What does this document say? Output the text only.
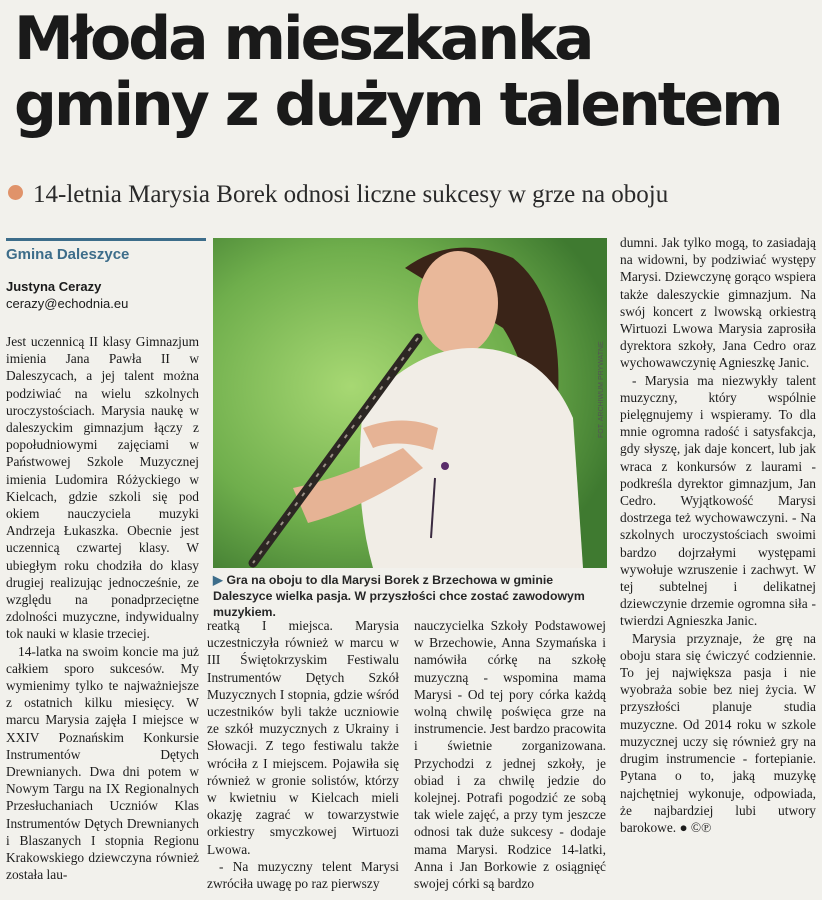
Młoda mieszkanka
gminy z dużym talentem
14-letnia Marysia Borek odnosi liczne sukcesy w grze na oboju
Gmina Daleszyce
Justyna Cerazy
cerazy@echodnia.eu
FOT. ARCHIWUM PRYWATNE
▶ Gra na oboju to dla Marysi Borek z Brzechowa w gminie Daleszyce wielka pasja. W przyszłości chce zostać zawodowym muzykiem.

Jest uczennicą II klasy Gimnazjum imienia Jana Pawła II w Daleszycach, a jej talent można podziwiać na wielu szkolnych uroczystościach. Marysia naukę w daleszyckim gimnazjum łączy z popołudniowymi zajęciami w Państwowej Szkole Muzycznej imienia Ludomira Różyckiego w Kielcach, gdzie szkoli się pod okiem nauczyciela muzyki Andrzeja Łukaszka. Obecnie jest uczennicą czwartej klasy. W ubiegłym roku chodziła do klasy drugiej realizując jednocześnie, ze względu na ponadprzeciętne zdolności muzyczne, indywidualny tok nauki w klasie trzeciej.

14-latka na swoim koncie ma już całkiem sporo sukcesów. My wymienimy tylko te najważniejsze z ostatnich kilku miesięcy. W marcu Marysia zajęła I miejsce w XXIV Poznańskim Konkursie Instrumentów Dętych Drewnianych. Dwa dni potem w Nowym Targu na IX Regionalnych Przesłuchaniach Uczniów Klas Instrumentów Dętych Drewnianych i Blaszanych I stopnia Regionu Krakowskiego dziewczyna również została lau-

reatką I miejsca. Marysia uczestniczyła również w marcu w III Świętokrzyskim Festiwalu Instrumentów Dętych Szkół Muzycznych I stopnia, gdzie wśród uczestników byli także uczniowie ze szkół muzycznych z Ukrainy i Słowacji. Z tego festiwalu także wróciła z I miejscem. Pojawiła się również w gronie solistów, którzy w kwietniu w Kielcach mieli okazję zagrać w towarzystwie orkiestry smyczkowej Wirtuozi Lwowa.

- Na muzyczny telent Marysi zwróciła uwagę po raz pierwszy

nauczycielka Szkoły Podstawowej w Brzechowie, Anna Szymańska i namówiła córkę na szkołę muzyczną - wspomina mama Marysi - Od tej pory córka każdą wolną chwilę poświęca grze na instrumencie. Jest bardzo pracowita i świetnie zorganizowana. Przychodzi z jednej szkoły, je obiad i za chwilę jedzie do kolejnej. Potrafi pogodzić ze sobą tak wiele zajęć, a przy tym jeszcze odnosi tak duże sukcesy - dodaje mama Marysi. Rodzice 14-latki, Anna i Jan Borkowie z osiągnięć swojej córki są bardzo

dumni. Jak tylko mogą, to zasiadają na widowni, by podziwiać występy Marysi. Dziewczynę gorąco wspiera także daleszyckie gimnazjum. Na swój koncert z lwowską orkiestrą Wirtuozi Lwowa Marysia zaprosiła dyrektora szkoły, Jana Cedro oraz wychowawczynię Agnieszkę Janic.

- Marysia ma niezwykły talent muzyczny, który wspólnie pielęgnujemy i wspieramy. To dla mnie ogromna radość i satysfakcja, gdy słyszę, jak daje koncert, lub jak wraca z konkursów z laurami - podkreśla dyrektor gimnazjum, Jan Cedro. Wyjątkowość Marysi dostrzega też wychowawczyni. - Na szkolnych uroczystościach swoimi bardzo dojrzałymi występami wywołuje wzruszenie i zachwyt. W tej subtelnej i delikatnej dziewczynie drzemie ogromna siła - twierdzi Agnieszka Janic.

Marysia przyznaje, że grę na oboju stara się ćwiczyć codziennie. To jej największa pasja i nie wyobraża sobie bez niej życia. W przyszłości planuje studia muzyczne. Od 2014 roku w szkole muzycznej uczy się również gry na drugim instrumencie - fortepianie. Pytana o to, jaką muzykę najchętniej wykonuje, odpowiada, że najbardziej lubi utwory barokowe. ● ©℗
